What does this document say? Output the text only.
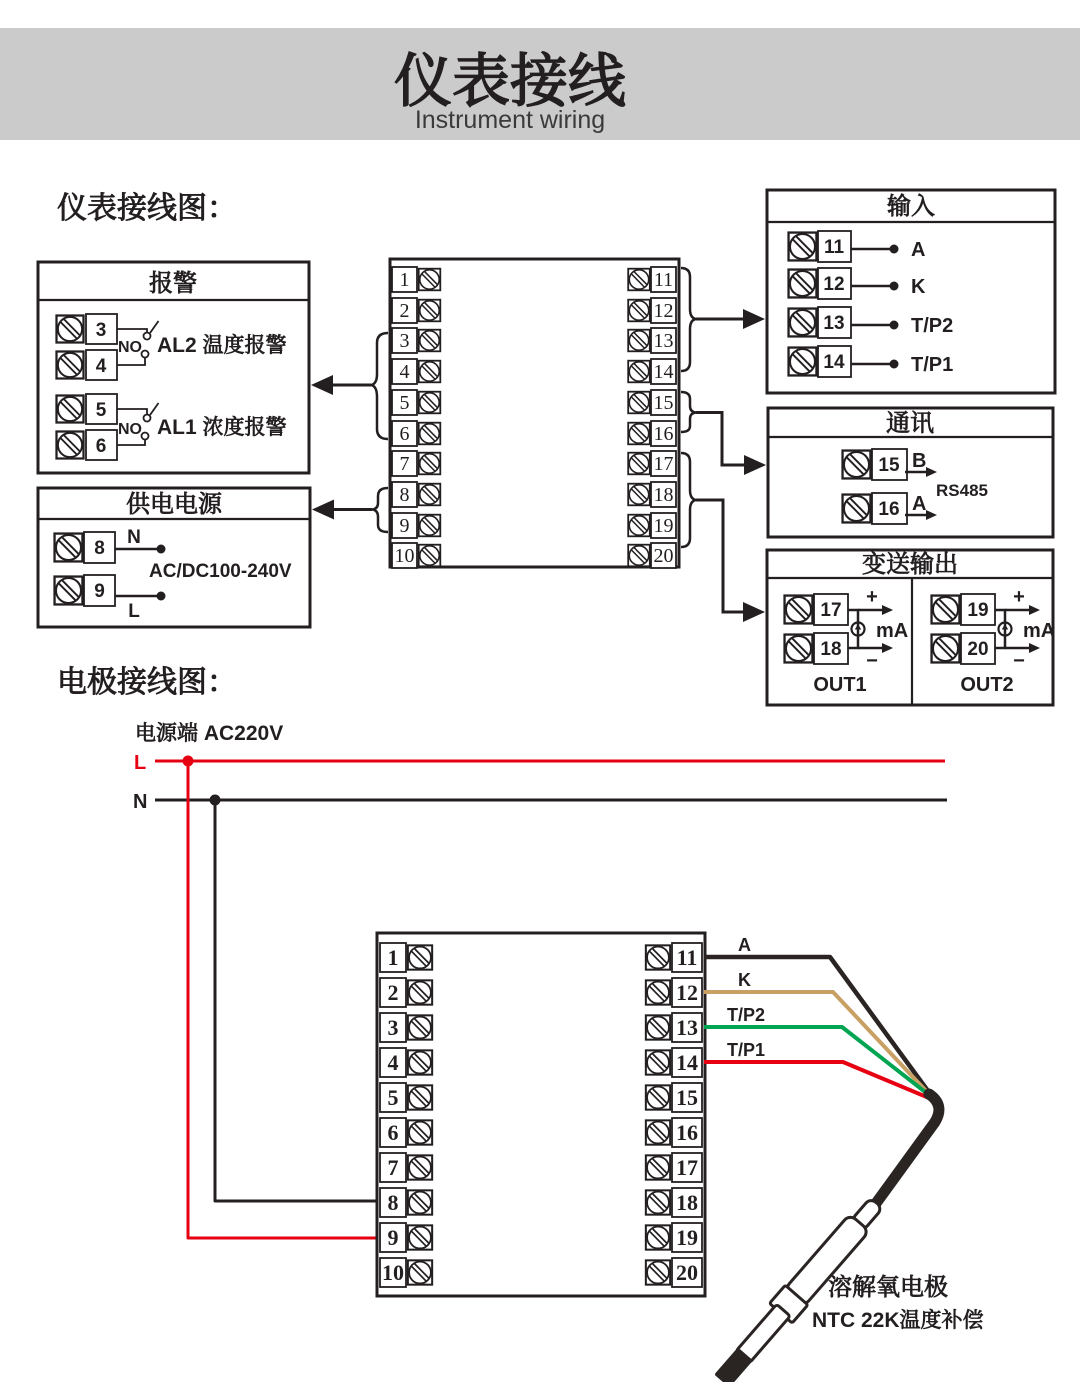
仪表接线
Instrument wiring
仪表接线图：
报警
3
4
NO AL2 温度报警
5
6
NO AL1 浓度报警
供电电源
8
N
AC/DC100-240V
9
L
1
2
3
4
5
6
7
8
9
10
11
12
13
14
15
16
17
18
19
20
输入
11	A
12	K
13	T/P2
14	T/P1
通讯
15 B
RS485
16 A
变送输出
17
18
+
−
mA
OUT1
19
20
+
−
mA
OUT2
电极接线图：
电源端 AC220V
L
N
1
2
3
4
5
6
7
8
9
10
11
12
13
14
15
16
17
18
19
20
A
K
T/P2
T/P1
溶解氧电极
NTC 22K温度补偿
